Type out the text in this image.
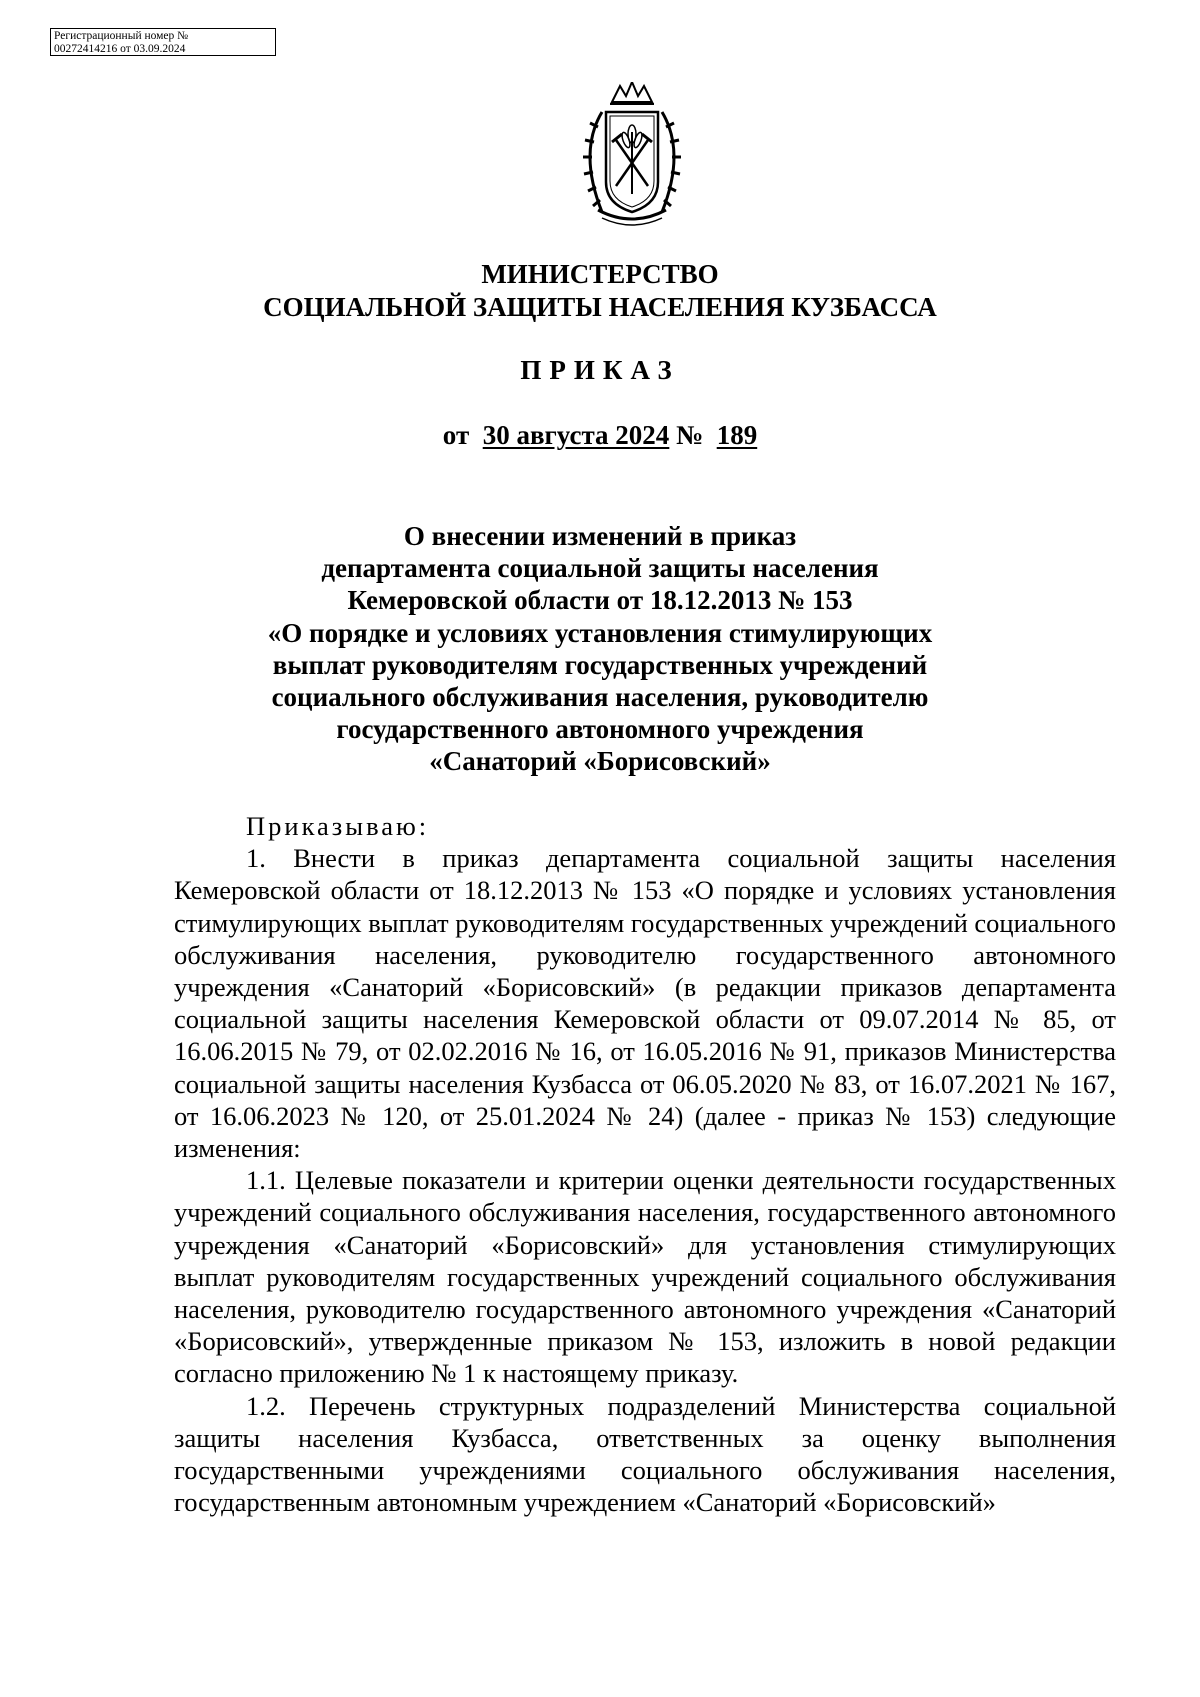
Регистрационный номер №
00272414216 от 03.09.2024
МИНИСТЕРСТВО
СОЦИАЛЬНОЙ ЗАЩИТЫ НАСЕЛЕНИЯ КУЗБАССА
ПРИКАЗ
от 30 августа 2024 № 189
О внесении изменений в приказ
департамента социальной защиты населения
Кемеровской области от 18.12.2013 № 153
«О порядке и условиях установления стимулирующих
выплат руководителям государственных учреждений
социального обслуживания населения, руководителю
государственного автономного учреждения
«Санаторий «Борисовский»

Приказываю:

1. Внести в приказ департамента социальной защиты населения Кемеровской области от 18.12.2013 № 153 «О порядке и условиях установления стимулирующих выплат руководителям государственных учреждений социального обслуживания населения, руководителю государственного автономного учреждения «Санаторий «Борисовский» (в редакции приказов департамента социальной защиты населения Кемеровской области от 09.07.2014 № 85, от 16.06.2015 № 79, от 02.02.2016 № 16, от 16.05.2016 № 91, приказов Министерства социальной защиты населения Кузбасса от 06.05.2020 № 83, от 16.07.2021 № 167, от 16.06.2023 № 120, от 25.01.2024 № 24) (далее - приказ № 153) следующие изменения:

1.1. Целевые показатели и критерии оценки деятельности государственных учреждений социального обслуживания населения, государственного автономного учреждения «Санаторий «Борисовский» для установления стимулирующих выплат руководителям государственных учреждений социального обслуживания населения, руководителю государственного автономного учреждения «Санаторий «Борисовский», утвержденные приказом № 153, изложить в новой редакции согласно приложению № 1 к настоящему приказу.

1.2. Перечень структурных подразделений Министерства социальной защиты населения Кузбасса, ответственных за оценку выполнения государственными учреждениями социального обслуживания населения, государственным автономным учреждением «Санаторий «Борисовский»
